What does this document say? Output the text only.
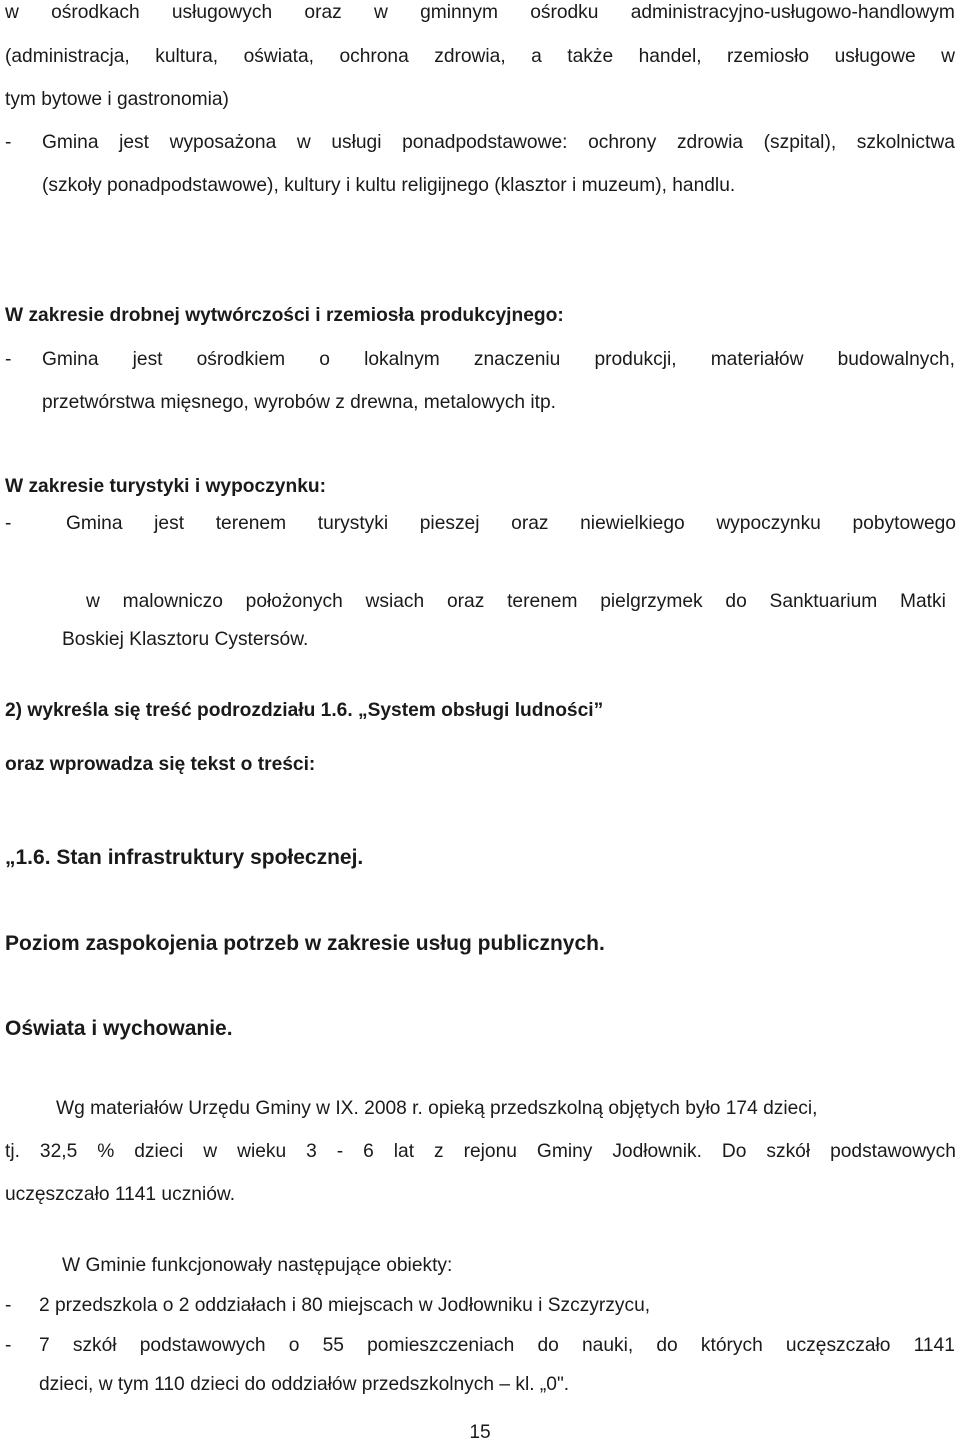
w ośrodkach usługowych oraz w gminnym ośrodku administracyjno-usługowo-handlowym
(administracja, kultura, oświata, ochrona zdrowia, a także handel, rzemiosło usługowe w
tym bytowe i gastronomia)
- Gmina jest wyposażona w usługi ponadpodstawowe: ochrony zdrowia (szpital), szkolnictwa
(szkoły ponadpodstawowe), kultury i kultu religijnego (klasztor i muzeum), handlu.
W zakresie drobnej wytwórczości i rzemiosła produkcyjnego:
- Gmina jest ośrodkiem o lokalnym znaczeniu produkcji, materiałów budowalnych,
przetwórstwa mięsnego, wyrobów z drewna, metalowych itp.
W zakresie turystyki i wypoczynku:
-	Gmina jest terenem turystyki pieszej oraz niewielkiego wypoczynku pobytowego
w malowniczo położonych wsiach oraz terenem pielgrzymek do Sanktuarium Matki
Boskiej Klasztoru Cystersów.
2) wykreśla się treść podrozdziału 1.6. „System obsługi ludności”
oraz wprowadza się tekst o treści:
„1.6. Stan infrastruktury społecznej.
Poziom zaspokojenia potrzeb w zakresie usług publicznych.
Oświata i wychowanie.
Wg materiałów Urzędu Gminy w IX. 2008 r. opieką przedszkolną objętych było 174 dzieci,
tj. 32,5 % dzieci w wieku 3 - 6 lat z rejonu Gminy Jodłownik. Do szkół podstawowych
uczęszczało 1141 uczniów.
W Gminie funkcjonowały następujące obiekty:
- 2 przedszkola o 2 oddziałach i 80 miejscach w Jodłowniku i Szczyrzycu,
- 7 szkół podstawowych o 55 pomieszczeniach do nauki, do których uczęszczało 1141
dzieci, w tym 110 dzieci do oddziałów przedszkolnych – kl. „0".
15
